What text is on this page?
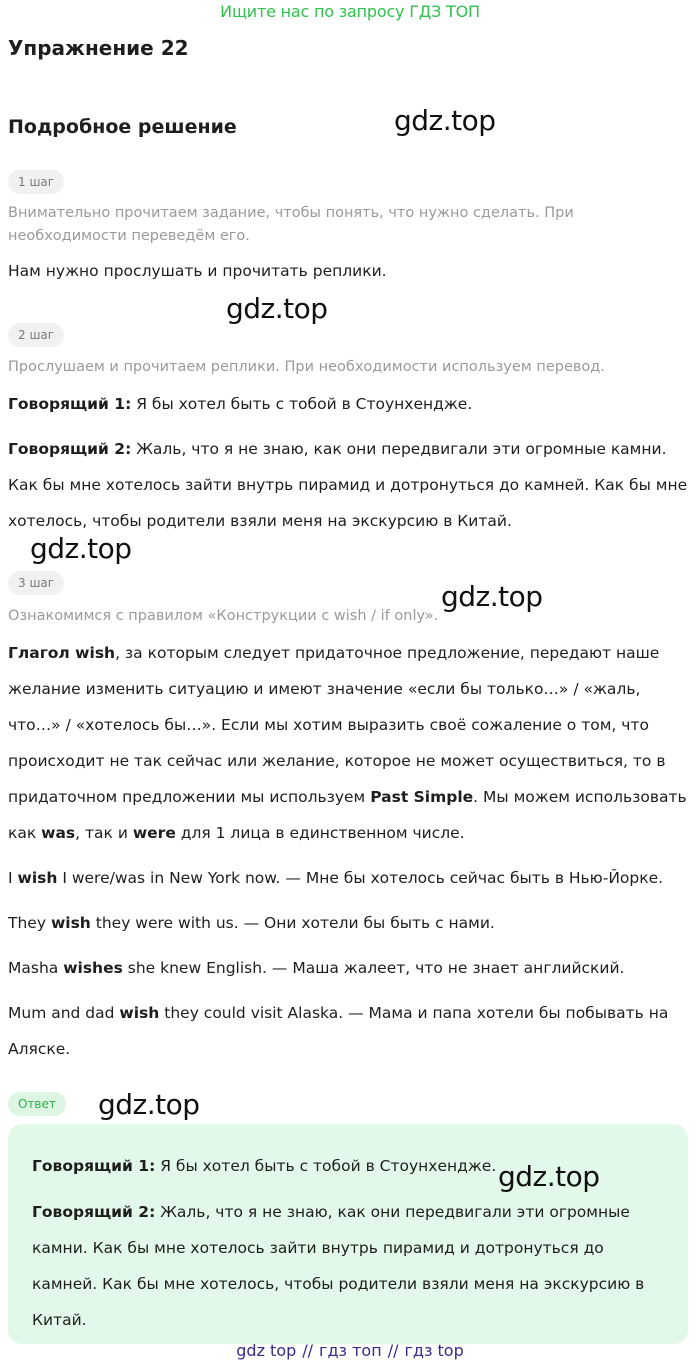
Ищите нас по запросу ГДЗ ТОП
Упражнение 22
Подробное решение	gdz.top
gdz.top
gdz.top
gdz.top
gdz.top
gdz.top
1 шаг
Внимательно прочитаем задание, чтобы понять, что нужно сделать. При необходимости переведём его.
Нам нужно прослушать и прочитать реплики.
2 шаг
Прослушаем и прочитаем реплики. При необходимости используем перевод.
Говорящий 1: Я бы хотел быть с тобой в Стоунхендже.
Говорящий 2: Жаль, что я не знаю, как они передвигали эти огромные камни. Как бы мне хотелось зайти внутрь пирамид и дотронуться до камней. Как бы мне хотелось, чтобы родители взяли меня на экскурсию в Китай.
3 шаг
Ознакомимся с правилом «Конструкции с wish / if only».
Глагол wish, за которым следует придаточное предложение, передают наше желание изменить ситуацию и имеют значение «если бы только…» / «жаль, что…» / «хотелось бы…». Если мы хотим выразить своё сожаление о том, что происходит не так сейчас или желание, которое не может осуществиться, то в придаточном предложении мы используем Past Simple. Мы можем использовать как was, так и were для 1 лица в единственном числе.
I wish I were/was in New York now. — Мне бы хотелось сейчас быть в Нью-Йорке.
They wish they were with us. — Они хотели бы быть с нами.
Masha wishes she knew English. — Маша жалеет, что не знает английский.
Mum and dad wish they could visit Alaska. — Мама и папа хотели бы побывать на Аляске.
Ответ
Говорящий 1: Я бы хотел быть с тобой в Стоунхендже.
Говорящий 2: Жаль, что я не знаю, как они передвигали эти огромные камни. Как бы мне хотелось зайти внутрь пирамид и дотронуться до камней. Как бы мне хотелось, чтобы родители взяли меня на экскурсию в Китай.
gdz top // гдз топ // гдз top
